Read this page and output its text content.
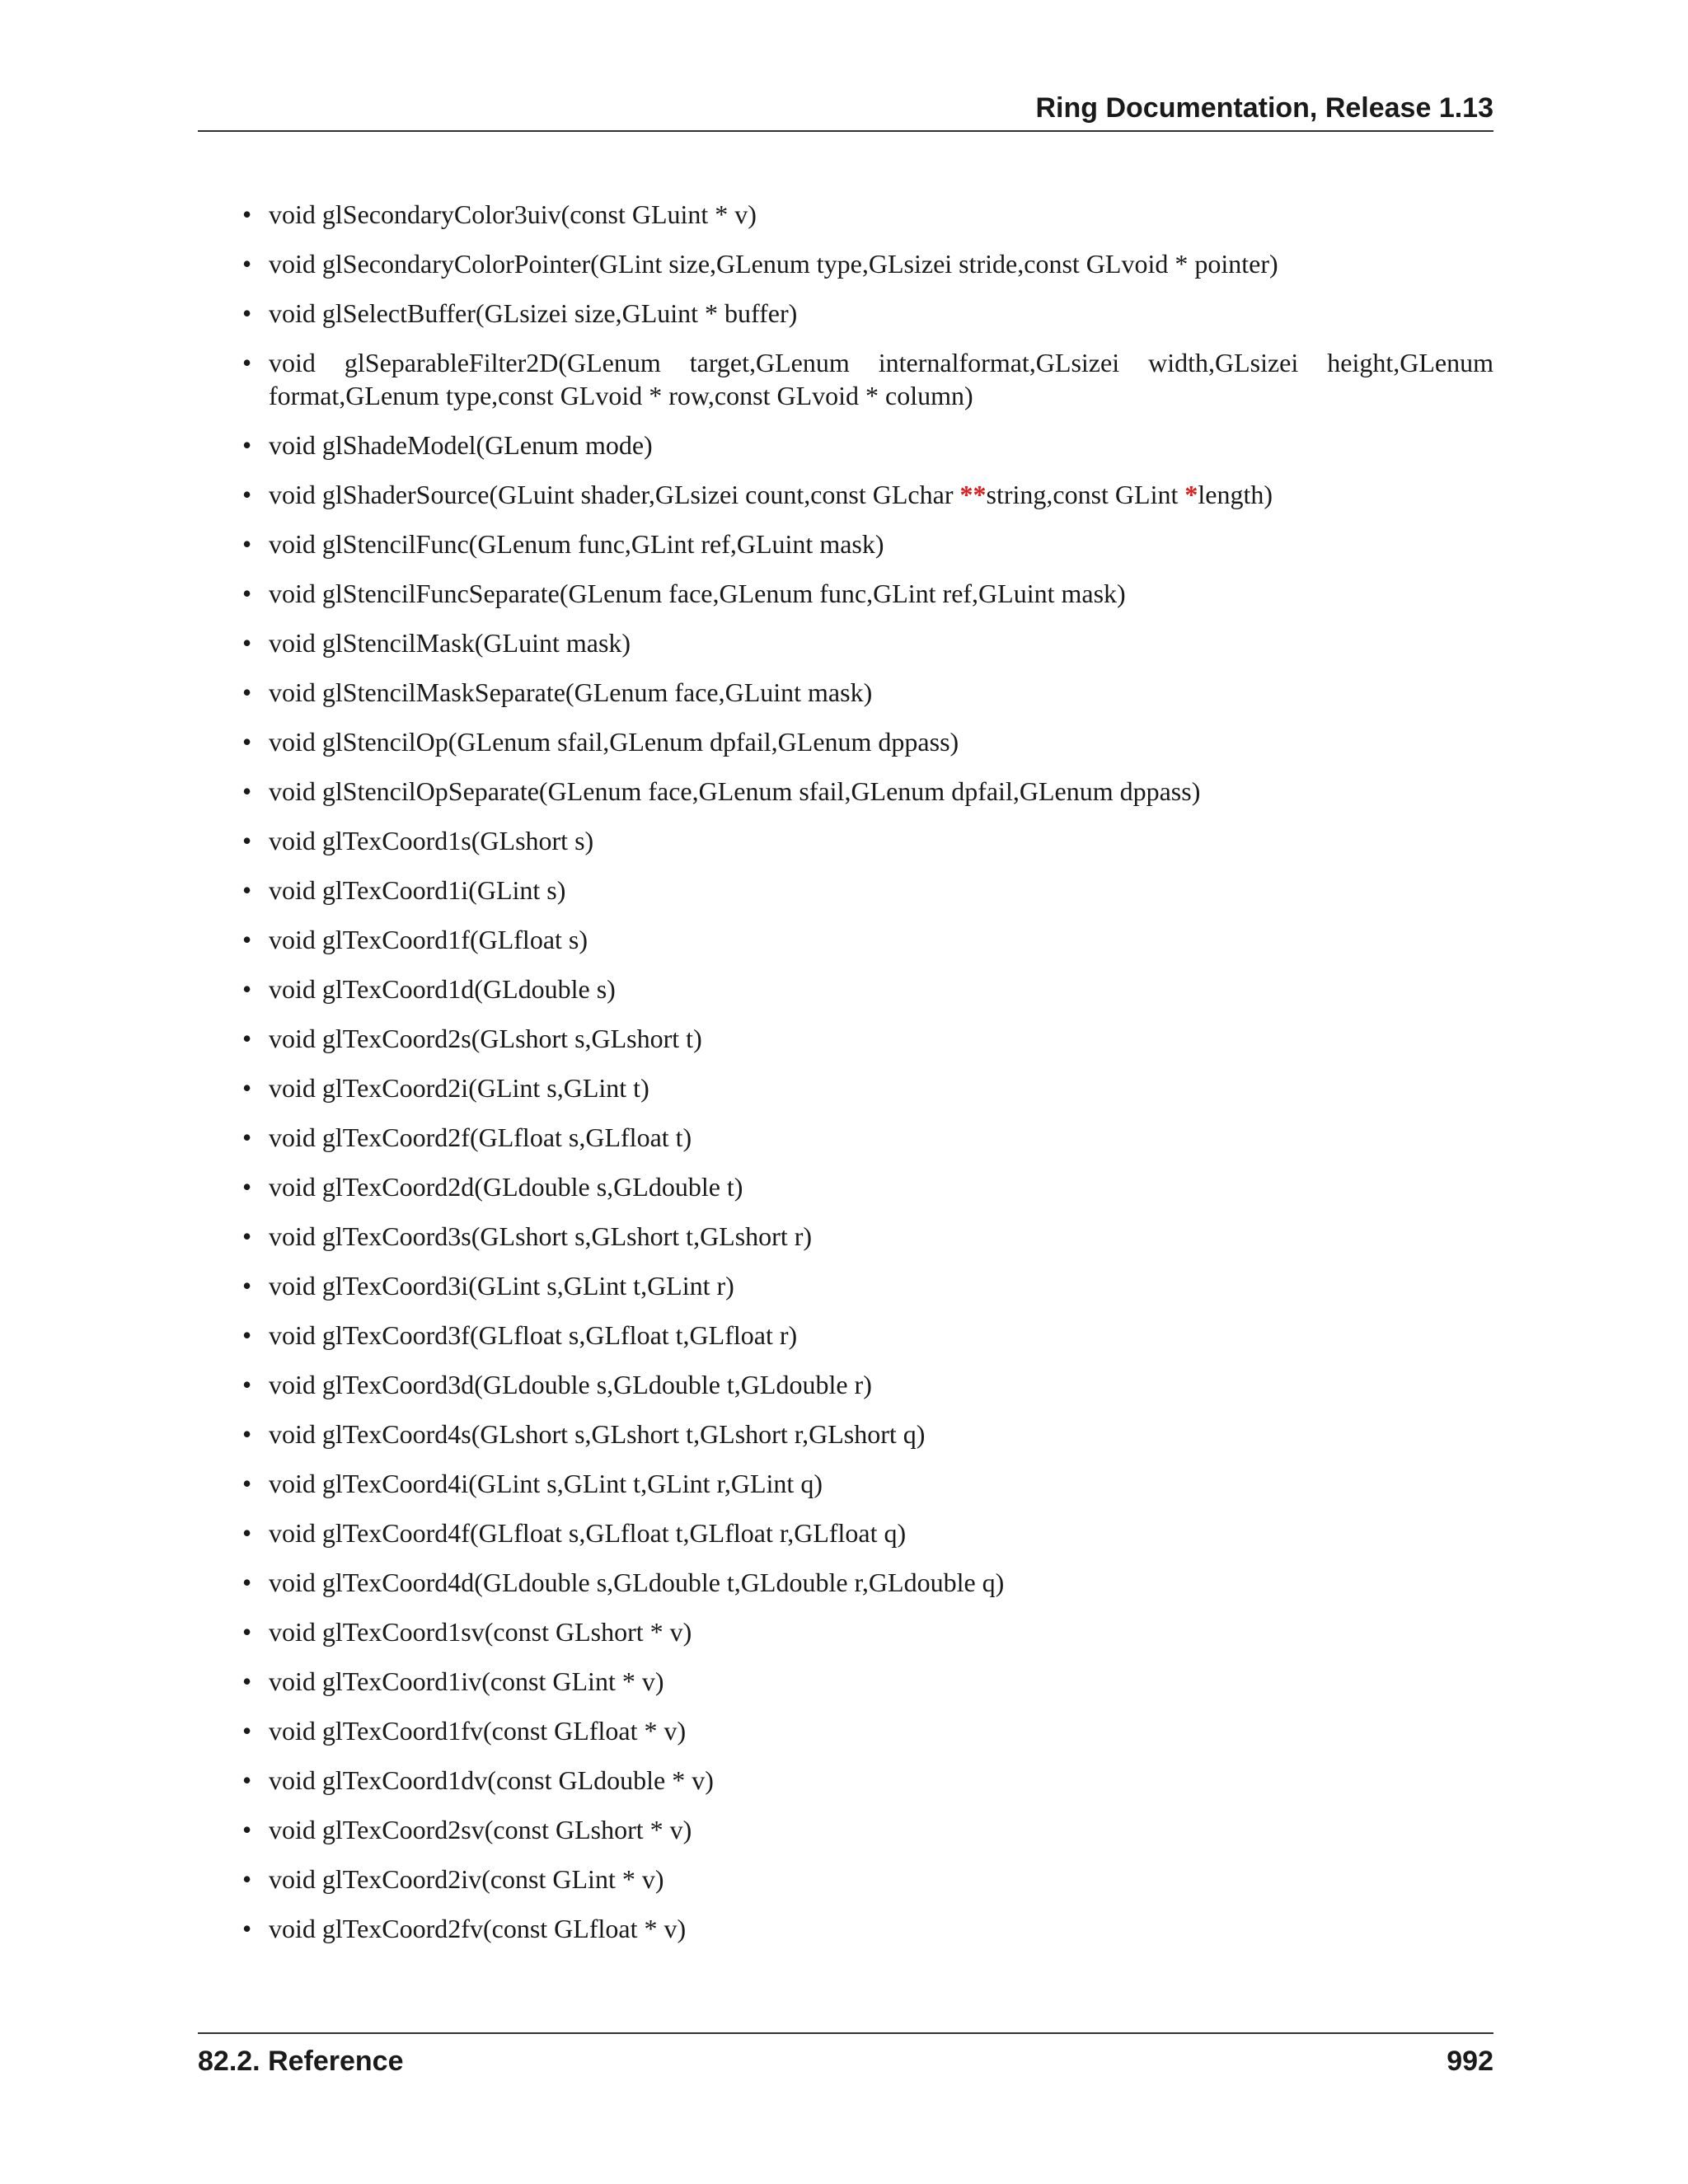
Ring Documentation, Release 1.13
• void glSecondaryColor3uiv(const GLuint * v)
• void glSecondaryColorPointer(GLint size,GLenum type,GLsizei stride,const GLvoid * pointer)
• void glSelectBuffer(GLsizei size,GLuint * buffer)
• void glSeparableFilter2D(GLenum target,GLenum internalformat,GLsizei width,GLsizei height,GLenum format,GLenum type,const GLvoid * row,const GLvoid * column)
• void glShadeModel(GLenum mode)
• void glShaderSource(GLuint shader,GLsizei count,const GLchar **string,const GLint *length)
• void glStencilFunc(GLenum func,GLint ref,GLuint mask)
• void glStencilFuncSeparate(GLenum face,GLenum func,GLint ref,GLuint mask)
• void glStencilMask(GLuint mask)
• void glStencilMaskSeparate(GLenum face,GLuint mask)
• void glStencilOp(GLenum sfail,GLenum dpfail,GLenum dppass)
• void glStencilOpSeparate(GLenum face,GLenum sfail,GLenum dpfail,GLenum dppass)
• void glTexCoord1s(GLshort s)
• void glTexCoord1i(GLint s)
• void glTexCoord1f(GLfloat s)
• void glTexCoord1d(GLdouble s)
• void glTexCoord2s(GLshort s,GLshort t)
• void glTexCoord2i(GLint s,GLint t)
• void glTexCoord2f(GLfloat s,GLfloat t)
• void glTexCoord2d(GLdouble s,GLdouble t)
• void glTexCoord3s(GLshort s,GLshort t,GLshort r)
• void glTexCoord3i(GLint s,GLint t,GLint r)
• void glTexCoord3f(GLfloat s,GLfloat t,GLfloat r)
• void glTexCoord3d(GLdouble s,GLdouble t,GLdouble r)
• void glTexCoord4s(GLshort s,GLshort t,GLshort r,GLshort q)
• void glTexCoord4i(GLint s,GLint t,GLint r,GLint q)
• void glTexCoord4f(GLfloat s,GLfloat t,GLfloat r,GLfloat q)
• void glTexCoord4d(GLdouble s,GLdouble t,GLdouble r,GLdouble q)
• void glTexCoord1sv(const GLshort * v)
• void glTexCoord1iv(const GLint * v)
• void glTexCoord1fv(const GLfloat * v)
• void glTexCoord1dv(const GLdouble * v)
• void glTexCoord2sv(const GLshort * v)
• void glTexCoord2iv(const GLint * v)
• void glTexCoord2fv(const GLfloat * v)
82.2. Reference	992
